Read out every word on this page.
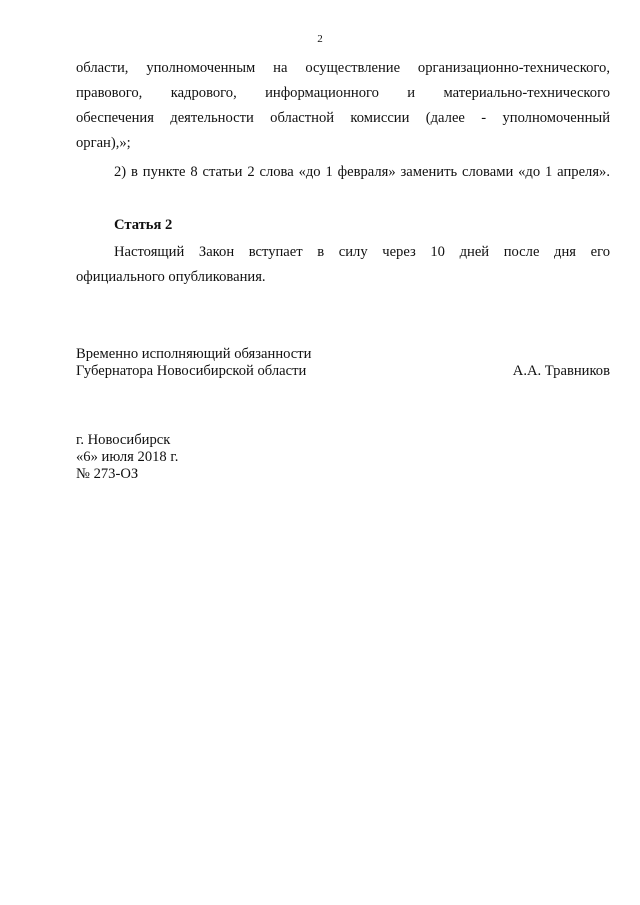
2
области, уполномоченным на осуществление организационно-технического,
правового, кадрового, информационного и материально-технического
обеспечения деятельности областной комиссии (далее - уполномоченный
орган),»;
2) в пункте 8 статьи 2 слова «до 1 февраля» заменить словами «до 1 апреля».
Статья 2
Настоящий Закон вступает в силу через 10 дней после дня его
официального опубликования.
Временно исполняющий обязанности
Губернатора Новосибирской области	А.А. Травников
г. Новосибирск
«6» июля 2018 г.
№ 273-ОЗ
